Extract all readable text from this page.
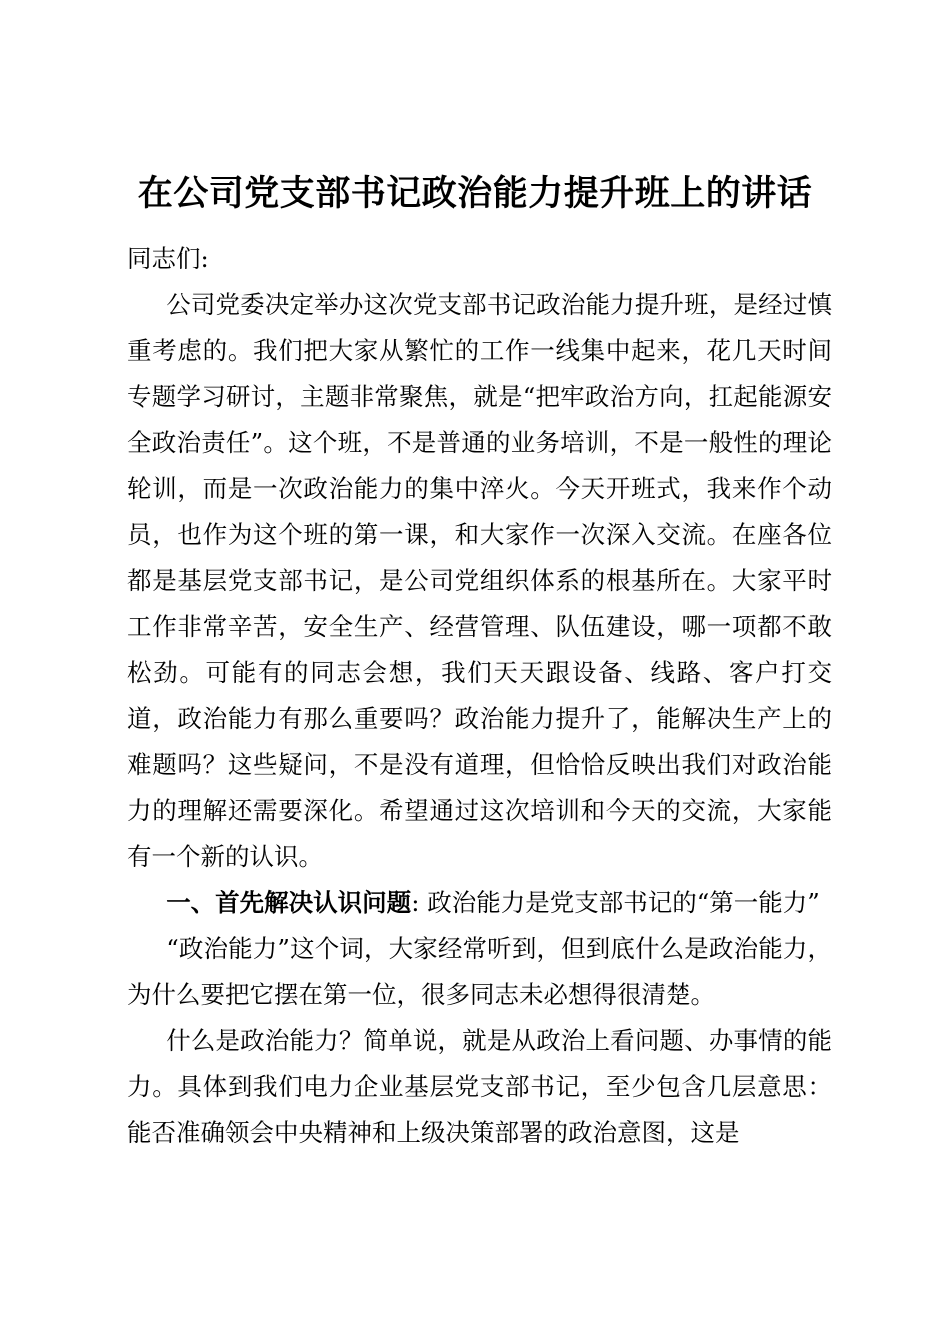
在公司党支部书记政治能力提升班上的讲话

同志们:

公司党委决定举办这次党支部书记政治能力提升班，是经过慎重考虑的。我们把大家从繁忙的工作一线集中起来，花几天时间专题学习研讨，主题非常聚焦，就是“把牢政治方向，扛起能源安全政治责任”。这个班，不是普通的业务培训，不是一般性的理论轮训，而是一次政治能力的集中淬火。今天开班式，我来作个动员，也作为这个班的第一课，和大家作一次深入交流。在座各位都是基层党支部书记，是公司党组织体系的根基所在。大家平时工作非常辛苦，安全生产、经营管理、队伍建设，哪一项都不敢松劲。可能有的同志会想，我们天天跟设备、线路、客户打交道，政治能力有那么重要吗？政治能力提升了，能解决生产上的难题吗？这些疑问，不是没有道理，但恰恰反映出我们对政治能力的理解还需要深化。希望通过这次培训和今天的交流，大家能有一个新的认识。

一、首先解决认识问题: 政治能力是党支部书记的“第一能力”

“政治能力”这个词，大家经常听到，但到底什么是政治能力，为什么要把它摆在第一位，很多同志未必想得很清楚。

什么是政治能力？简单说，就是从政治上看问题、办事情的能力。具体到我们电力企业基层党支部书记，至少包含几层意思：能否准确领会中央精神和上级决策部署的政治意图，这是
